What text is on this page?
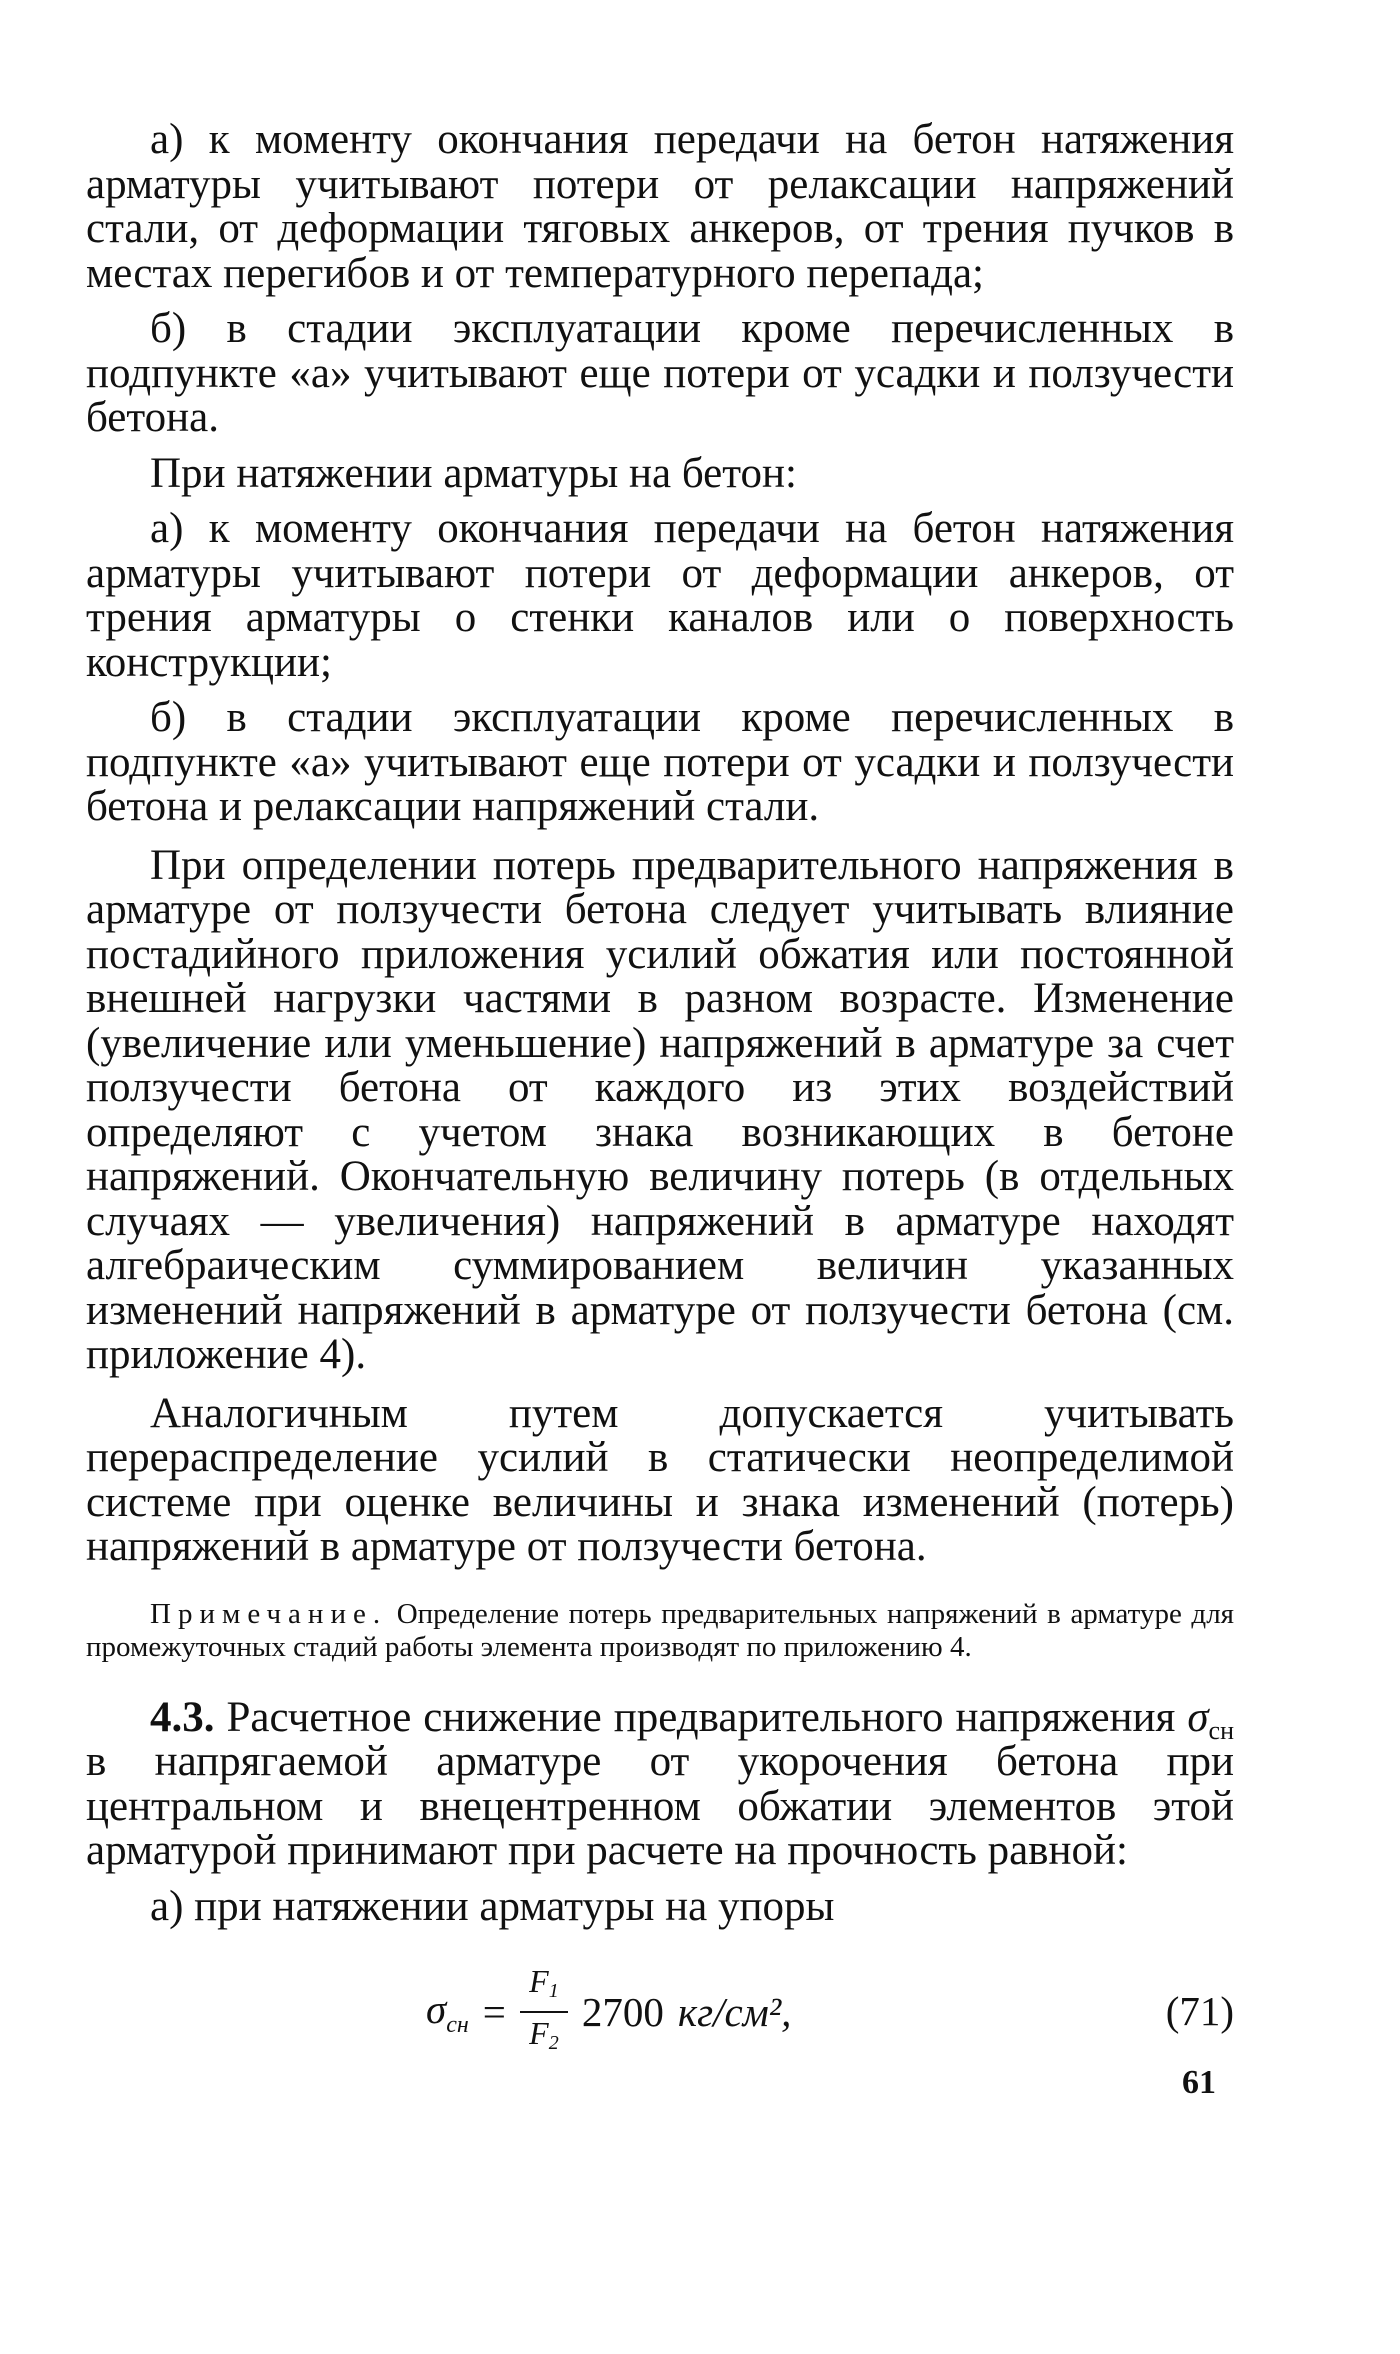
а) к моменту окончания передачи на бетон натяжения арматуры учитывают потери от релаксации напряжений стали, от деформации тяговых анкеров, от трения пучков в местах перегибов и от температурного перепада;

б) в стадии эксплуатации кроме перечисленных в подпункте «а» учитывают еще потери от усадки и ползучести бетона.

При натяжении арматуры на бетон:

а) к моменту окончания передачи на бетон натяжения арматуры учитывают потери от деформации анкеров, от трения арматуры о стенки каналов или о поверхность конструкции;

б) в стадии эксплуатации кроме перечисленных в подпункте «а» учитывают еще потери от усадки и ползучести бетона и релаксации напряжений стали.

При определении потерь предварительного напряжения в арматуре от ползучести бетона следует учитывать влияние постадийного приложения усилий обжатия или постоянной внешней нагрузки частями в разном возрасте. Изменение (увеличение или уменьшение) напряжений в арматуре за счет ползучести бетона от каждого из этих воздействий определяют с учетом знака возникающих в бетоне напряжений. Окончательную величину потерь (в отдельных случаях — увеличения) напряжений в арматуре находят алгебраическим суммированием величин указанных изменений напряжений в арматуре от ползучести бетона (см. приложение 4).

Аналогичным путем допускается учитывать перераспределение усилий в статически неопределимой системе при оценке величины и знака изменений (потерь) напряжений в арматуре от ползучести бетона.

Примечание. Определение потерь предварительных напряжений в арматуре для промежуточных стадий работы элемента производят по приложению 4.

4.3. Расчетное снижение предварительного напряжения $\sigma_{сн}$ в напрягаемой арматуре от укорочения бетона при центральном и внецентренном обжатии элементов этой арматурой принимают при расчете на прочность равной:

а) при натяжении арматуры на упоры

$\sigma_{сн} = \frac{F1}{F2} 2700$ кг/см²,	(71)
61
